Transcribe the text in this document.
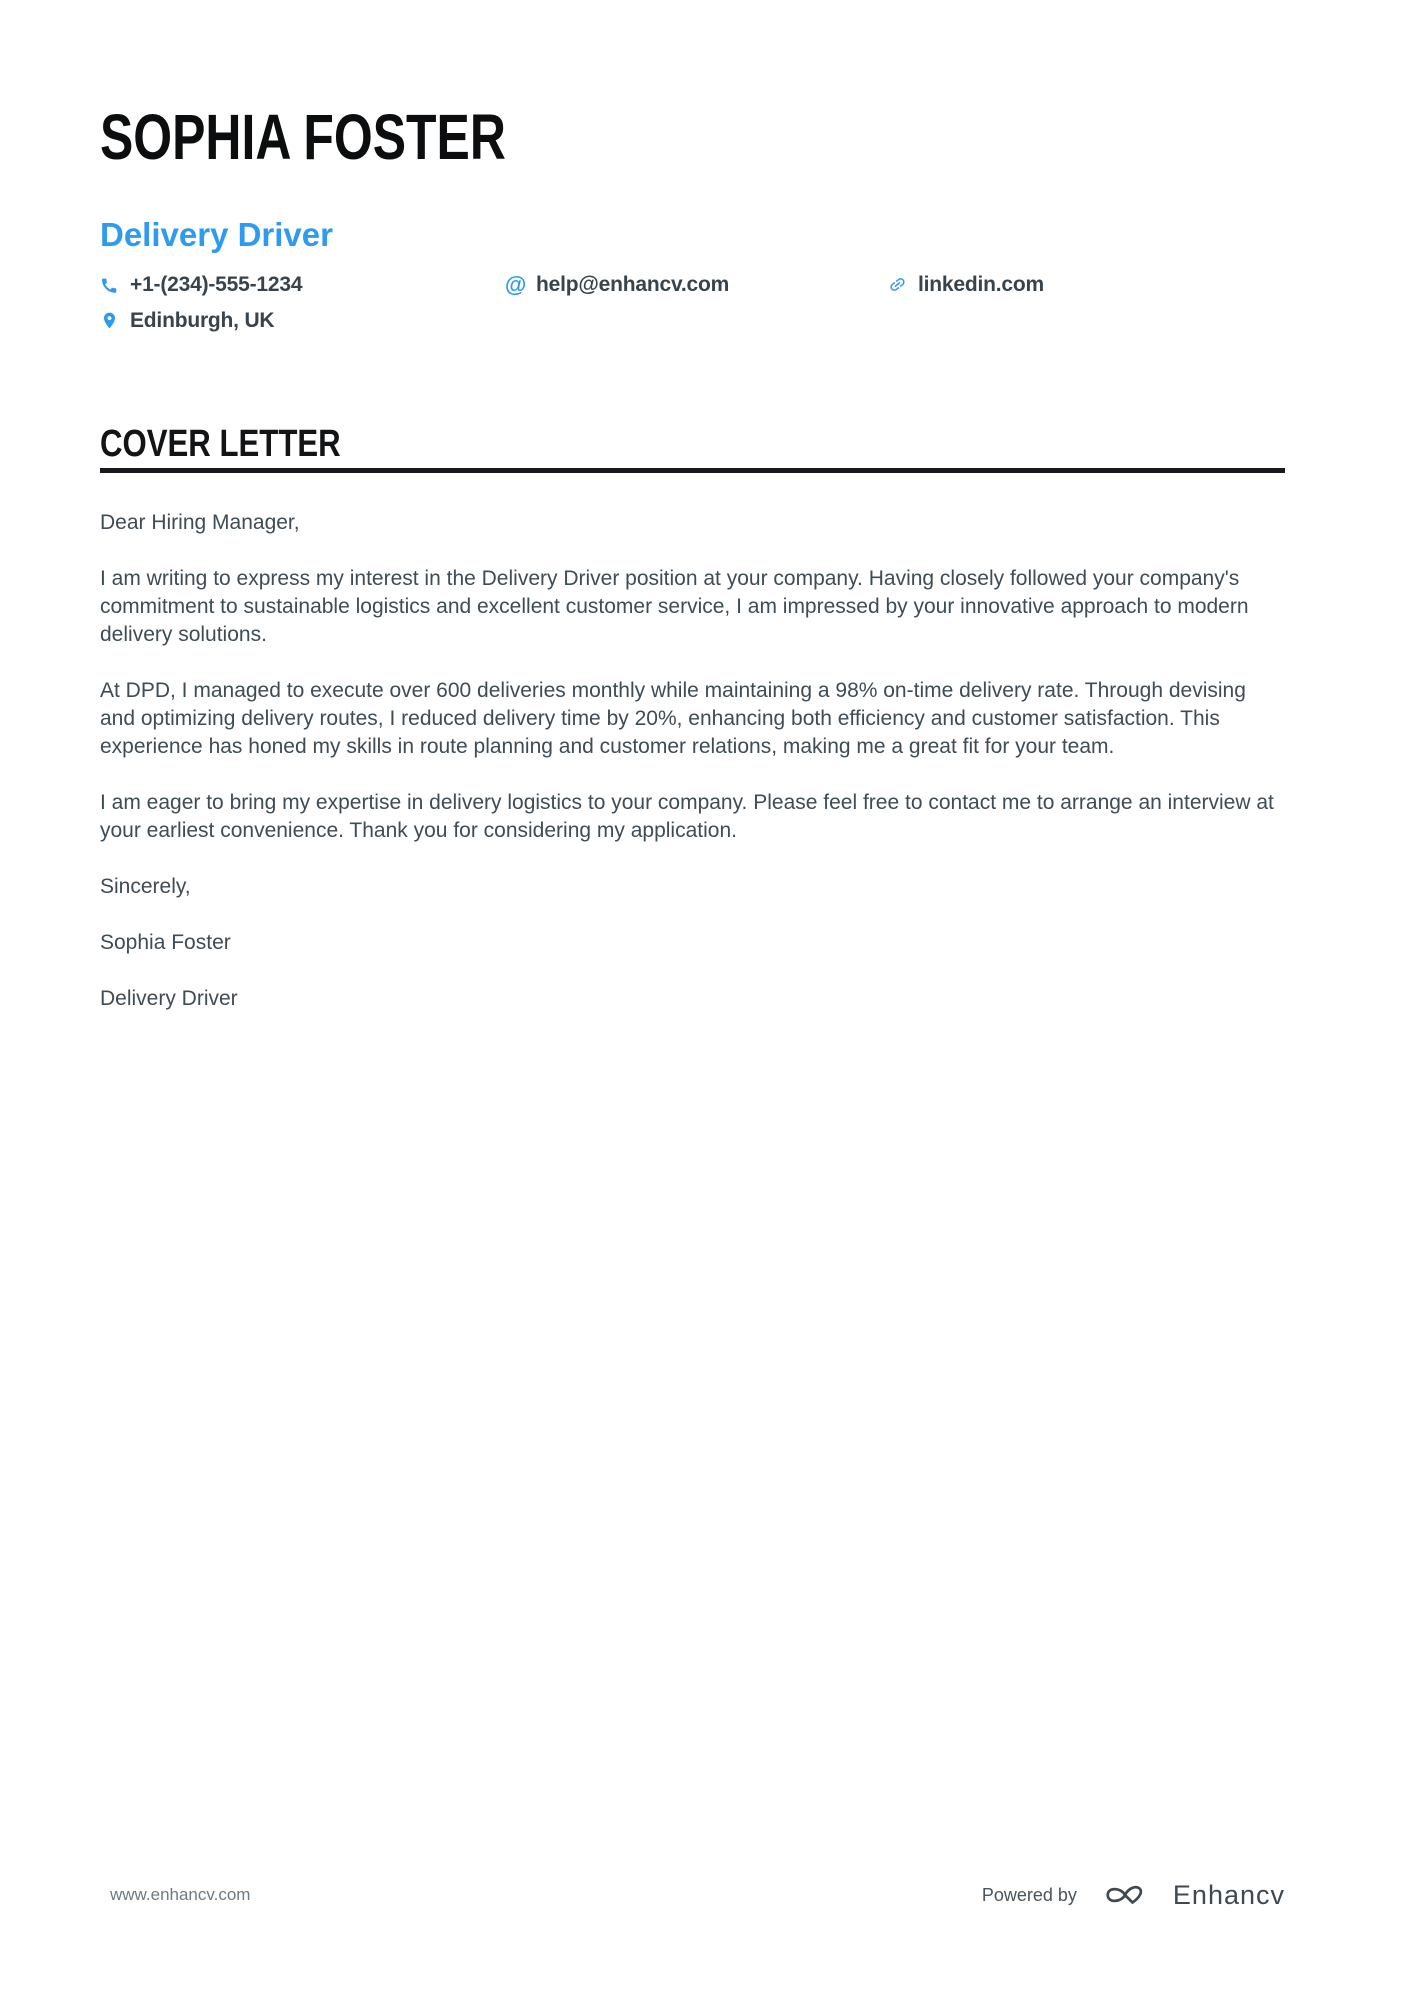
SOPHIA FOSTER
Delivery Driver
+1-(234)-555-1234	@ help@enhancv.com	linkedin.com
Edinburgh, UK
COVER LETTER

Dear Hiring Manager,

I am writing to express my interest in the Delivery Driver position at your company. Having closely followed your company's commitment to sustainable logistics and excellent customer service, I am impressed by your innovative approach to modern delivery solutions.

At DPD, I managed to execute over 600 deliveries monthly while maintaining a 98% on-time delivery rate. Through devising and optimizing delivery routes, I reduced delivery time by 20%, enhancing both efficiency and customer satisfaction. This experience has honed my skills in route planning and customer relations, making me a great fit for your team.

I am eager to bring my expertise in delivery logistics to your company. Please feel free to contact me to arrange an interview at your earliest convenience. Thank you for considering my application.

Sincerely,

Sophia Foster

Delivery Driver

www.enhancv.com	Powered by	Enhancv
